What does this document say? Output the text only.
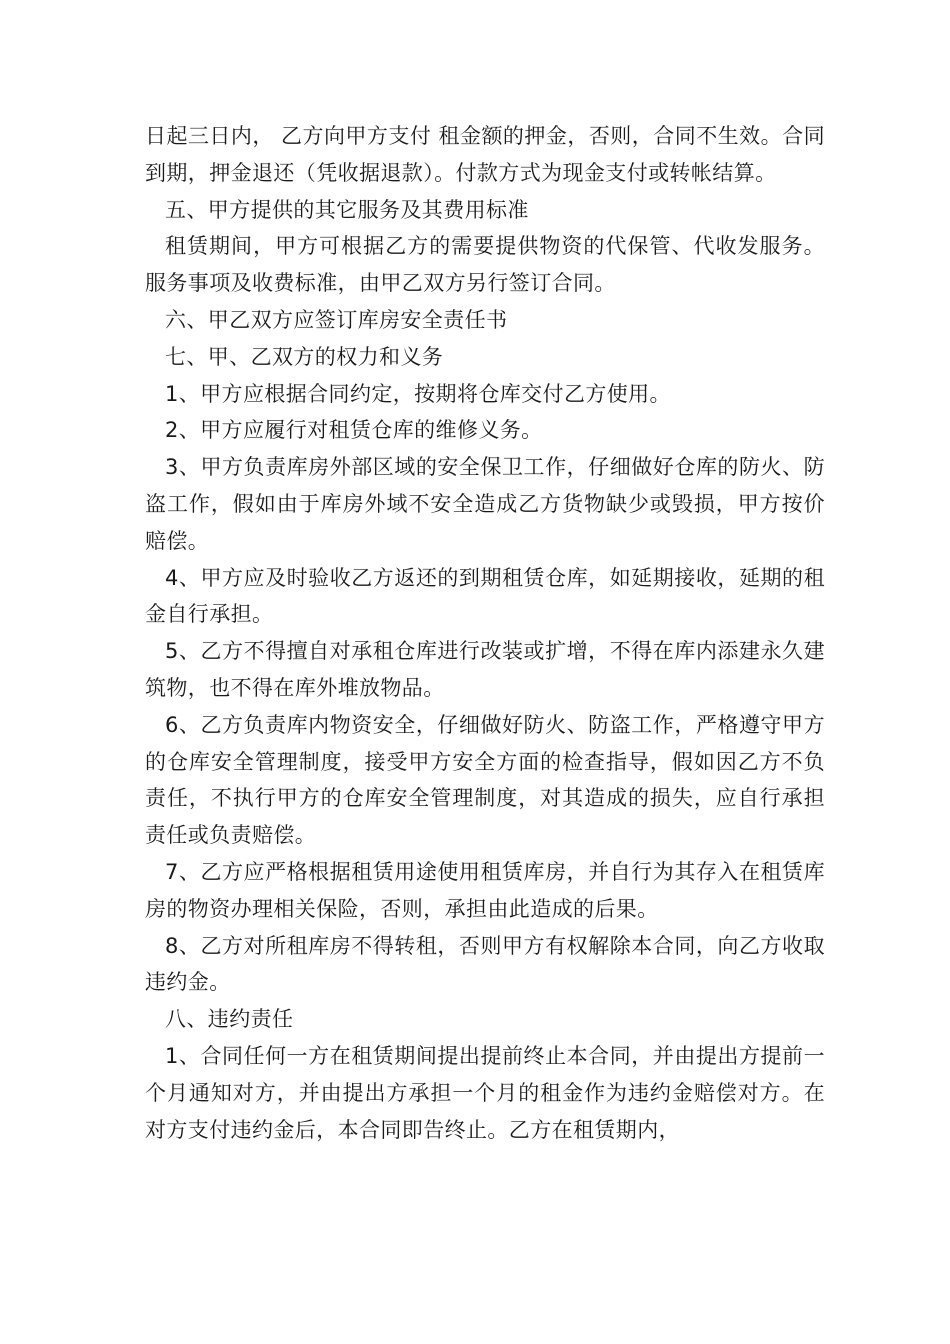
日起三日内， 乙方向甲方支付 租金额的押金，否则，合同不生效。合同到期，押金退还（凭收据退款）。付款方式为现金支付或转帐结算。

五、甲方提供的其它服务及其费用标准

租赁期间，甲方可根据乙方的需要提供物资的代保管、代收发服务。服务事项及收费标准，由甲乙双方另行签订合同。

六、甲乙双方应签订库房安全责任书

七、甲、乙双方的权力和义务

1、甲方应根据合同约定，按期将仓库交付乙方使用。

2、甲方应履行对租赁仓库的维修义务。

3、甲方负责库房外部区域的安全保卫工作，仔细做好仓库的防火、防盗工作，假如由于库房外域不安全造成乙方货物缺少或毁损，甲方按价赔偿。

4、甲方应及时验收乙方返还的到期租赁仓库，如延期接收，延期的租金自行承担。

5、乙方不得擅自对承租仓库进行改装或扩增，不得在库内添建永久建筑物，也不得在库外堆放物品。

6、乙方负责库内物资安全，仔细做好防火、防盗工作，严格遵守甲方的仓库安全管理制度，接受甲方安全方面的检查指导，假如因乙方不负责任，不执行甲方的仓库安全管理制度，对其造成的损失，应自行承担责任或负责赔偿。

7、乙方应严格根据租赁用途使用租赁库房，并自行为其存入在租赁库房的物资办理相关保险，否则，承担由此造成的后果。

8、乙方对所租库房不得转租，否则甲方有权解除本合同，向乙方收取违约金。

八、违约责任

1、合同任何一方在租赁期间提出提前终止本合同，并由提出方提前一个月通知对方，并由提出方承担一个月的租金作为违约金赔偿对方。在对方支付违约金后，本合同即告终止。乙方在租赁期内，
